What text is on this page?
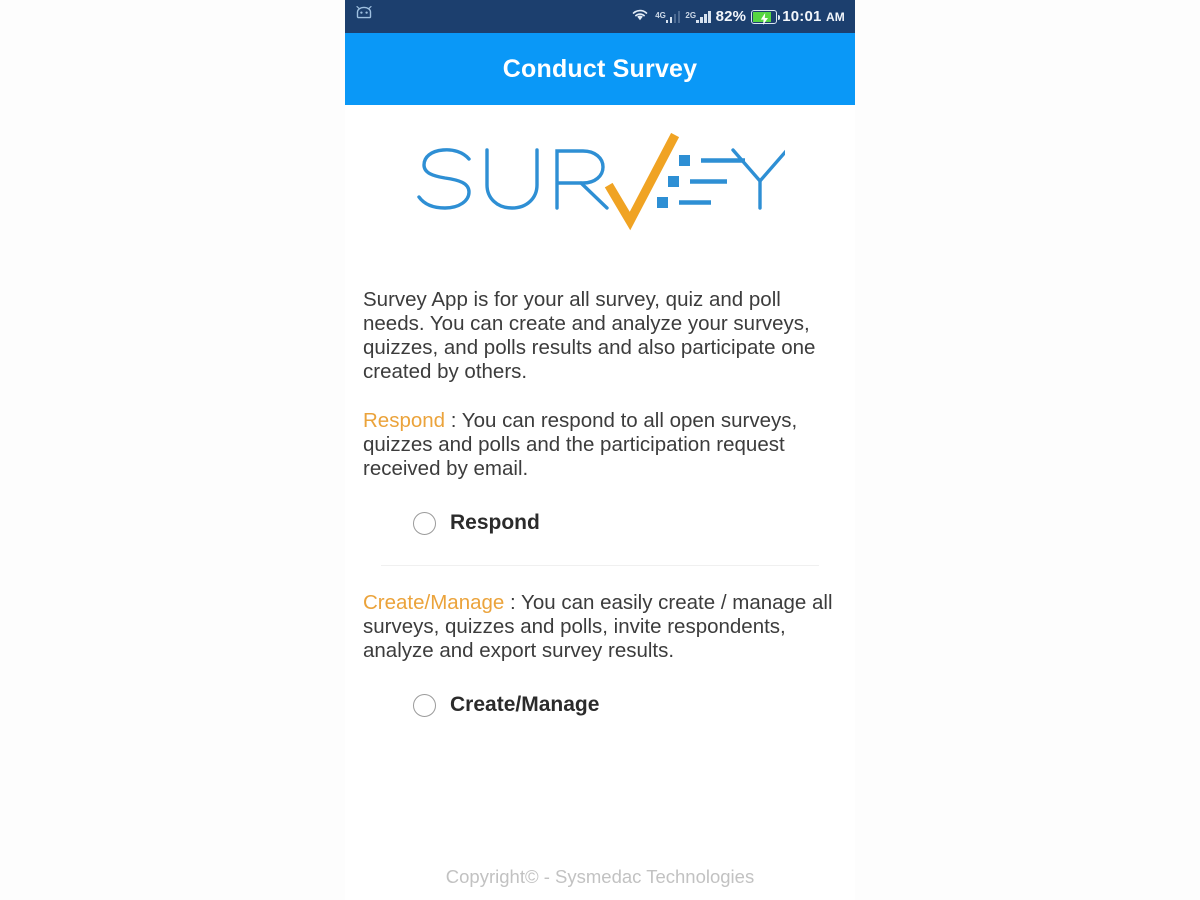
4G 2G 82% 10:01 AM
Conduct Survey

Survey App is for your all survey, quiz and poll needs. You can create and analyze your surveys, quizzes, and polls results and also participate one created by others.

Respond : You can respond to all open surveys, quizzes and polls and the participation request received by email.

Respond

Create/Manage : You can easily create / manage all surveys, quizzes and polls, invite respondents, analyze and export survey results.

Create/Manage
Copyright© - Sysmedac Technologies
